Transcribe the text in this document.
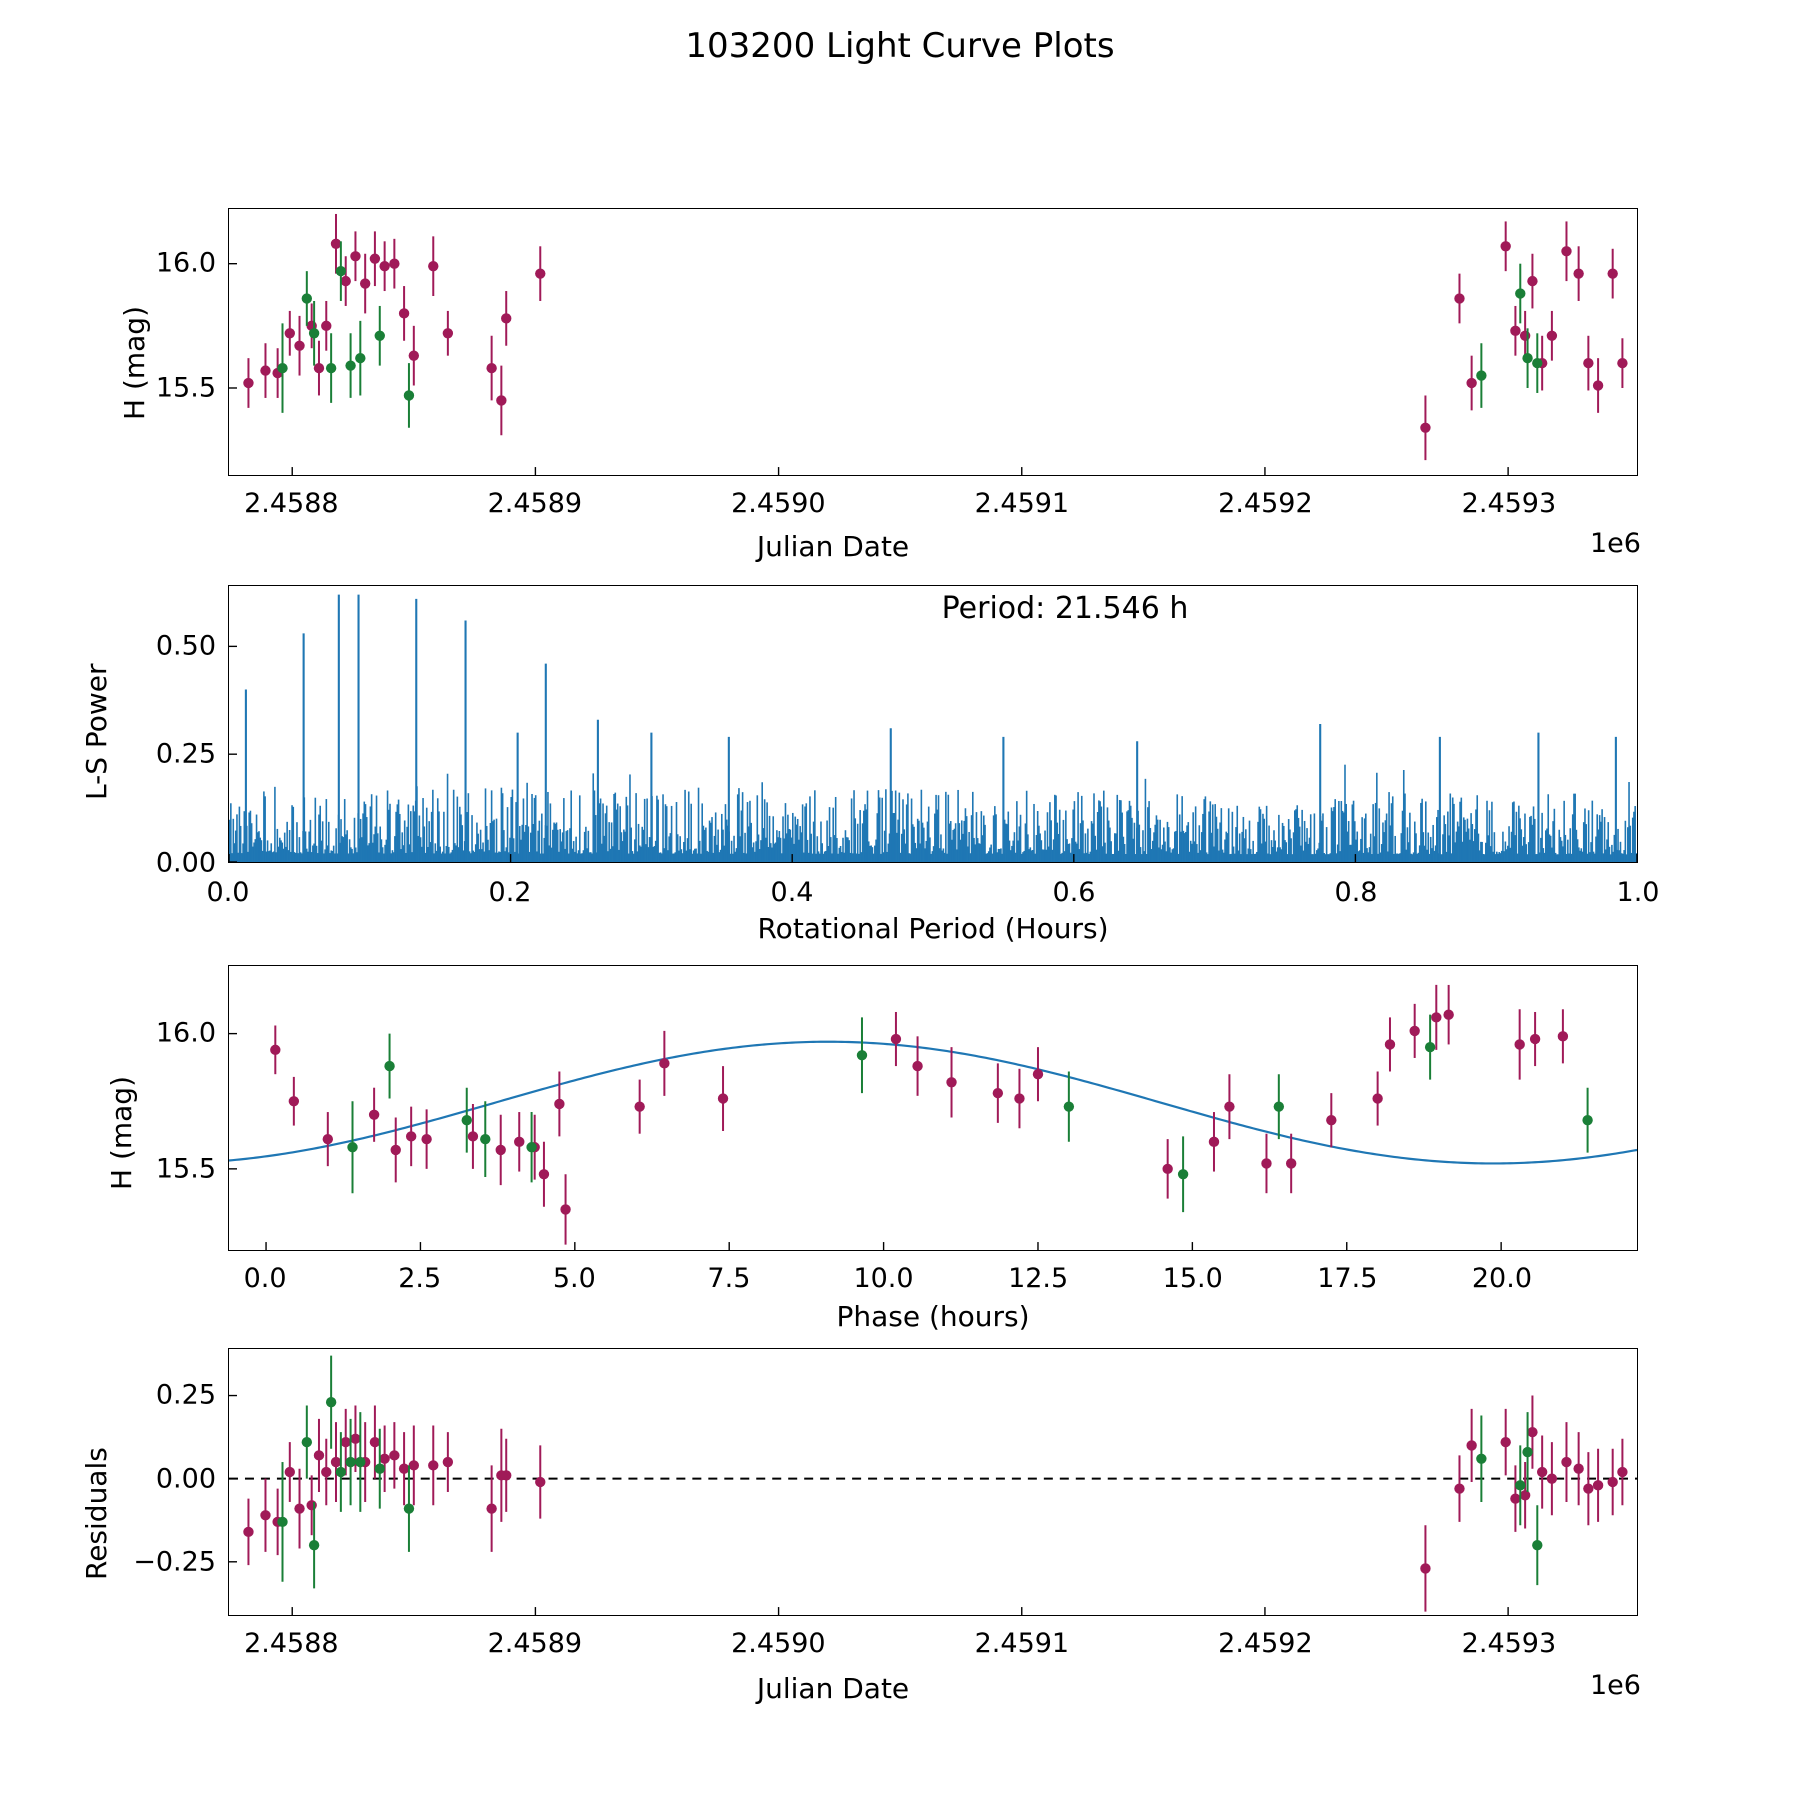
103200 Light Curve Plots
H (mag)
Julian Date	1e6
Period: 21.546 h
L-S Power
Rotational Period (Hours)
H (mag)
Phase (hours)
Residuals
Julian Date	1e6
2.4588	2.4589	2.4590	2.4591	2.4592	2.4593
15.5
16.0
0.0	0.2	0.4	0.6	0.8	1.0
0.00
0.25
0.50
0.0	2.5	5.0	7.5	10.0	12.5	15.0	17.5	20.0
15.5
16.0
2.4588	2.4589	2.4590	2.4591	2.4592	2.4593
−0.25
0.00
0.25
